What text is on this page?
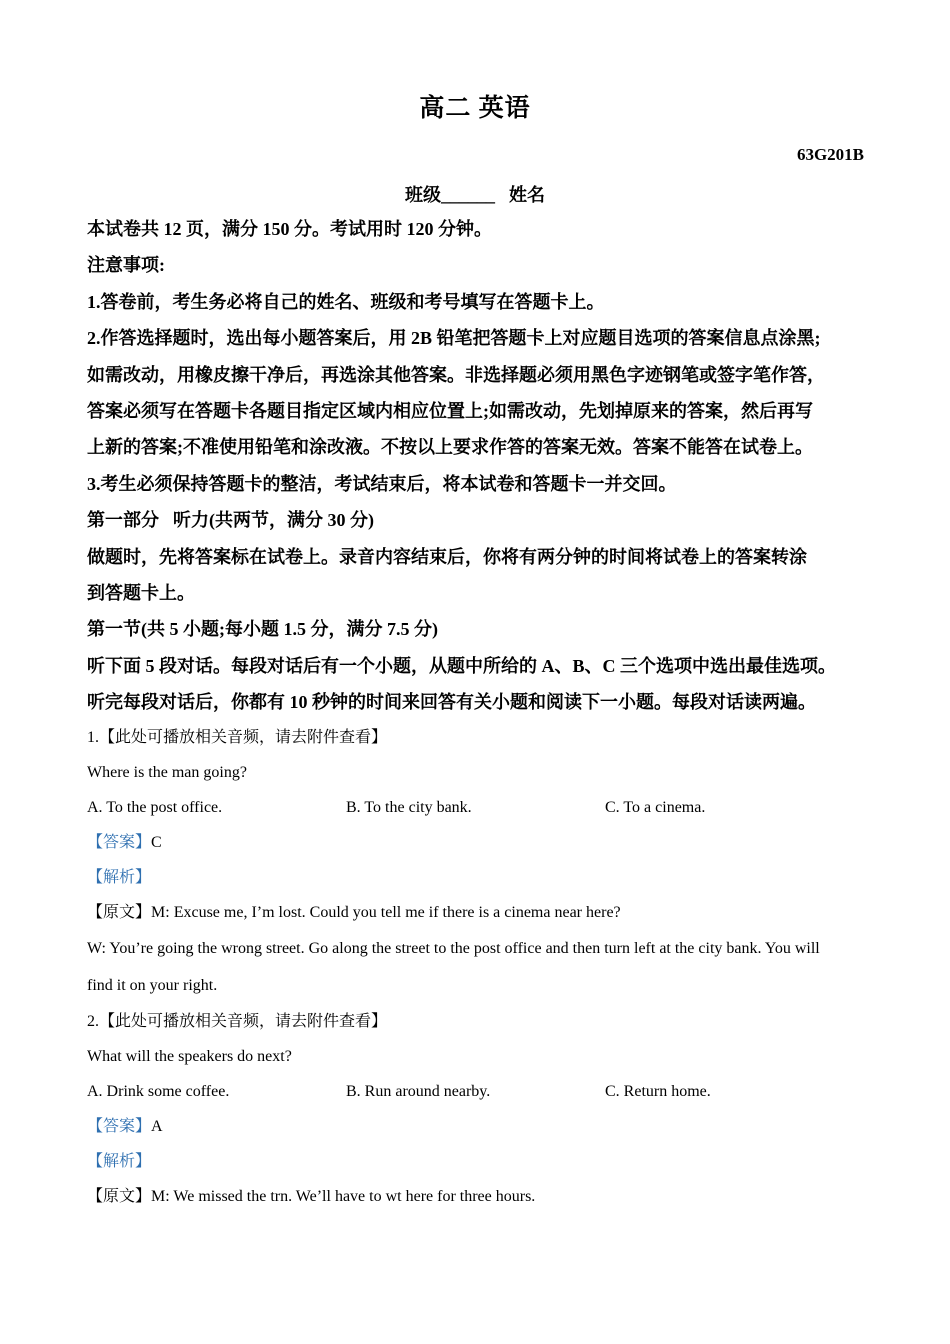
高二 英语
63G201B
班级______ 姓名
本试卷共 12 页，满分 150 分。考试用时 120 分钟。
注意事项:
1.答卷前，考生务必将自己的姓名、班级和考号填写在答题卡上。
2.作答选择题时，选出每小题答案后，用 2B 铅笔把答题卡上对应题目选项的答案信息点涂黑;
如需改动，用橡皮擦干净后，再选涂其他答案。非选择题必须用黑色字迹钢笔或签字笔作答，
答案必须写在答题卡各题目指定区域内相应位置上;如需改动，先划掉原来的答案，然后再写
上新的答案;不准使用铅笔和涂改液。不按以上要求作答的答案无效。答案不能答在试卷上。
3.考生必须保持答题卡的整洁，考试结束后，将本试卷和答题卡一并交回。
第一部分 听力(共两节，满分 30 分)
做题时，先将答案标在试卷上。录音内容结束后，你将有两分钟的时间将试卷上的答案转涂
到答题卡上。
第一节(共 5 小题;每小题 1.5 分，满分 7.5 分)
听下面 5 段对话。每段对话后有一个小题，从题中所给的 A、B、C 三个选项中选出最佳选项。
听完每段对话后，你都有 10 秒钟的时间来回答有关小题和阅读下一小题。每段对话读两遍。
1.【此处可播放相关音频，请去附件查看】
Where is the man going?
A. To the post office.	B. To the city bank.	C. To a cinema.
【答案】C
【解析】
【原文】M: Excuse me, I’m lost. Could you tell me if there is a cinema near here?
W: You’re going the wrong street. Go along the street to the post office and then turn left at the city bank. You will
find it on your right.
2.【此处可播放相关音频，请去附件查看】
What will the speakers do next?
A. Drink some coffee.	B. Run around nearby.	C. Return home.
【答案】A
【解析】
【原文】M: We missed the trn. We’ll have to wt here for three hours.
